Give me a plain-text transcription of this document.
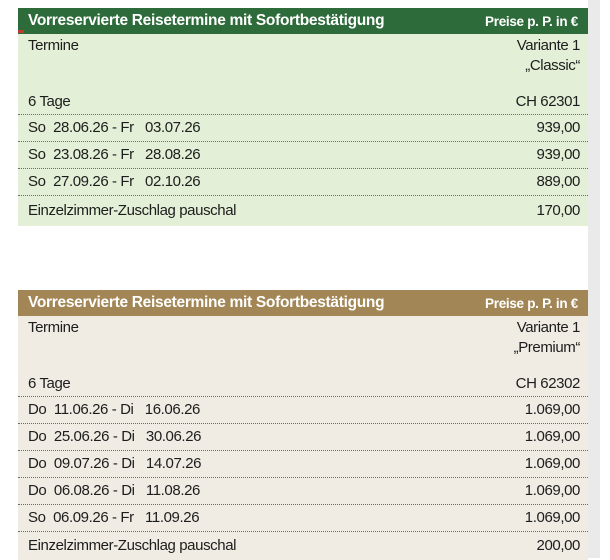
Vorreservierte Reisetermine mit Sofortbestätigung	Preise p. P. in €
Termine	Variante 1
„Classic“
6 Tage	CH 62301
So  28.06.26 - Fr   03.07.26	939,00
So  23.08.26 - Fr   28.08.26	939,00
So  27.09.26 - Fr   02.10.26	889,00
Einzelzimmer-Zuschlag pauschal	170,00
Vorreservierte Reisetermine mit Sofortbestätigung	Preise p. P. in €
Termine	Variante 1
„Premium“
6 Tage	CH 62302
Do  11.06.26 - Di   16.06.26	1.069,00
Do  25.06.26 - Di   30.06.26	1.069,00
Do  09.07.26 - Di   14.07.26	1.069,00
Do  06.08.26 - Di   11.08.26	1.069,00
So  06.09.26 - Fr   11.09.26	1.069,00
Einzelzimmer-Zuschlag pauschal	200,00
